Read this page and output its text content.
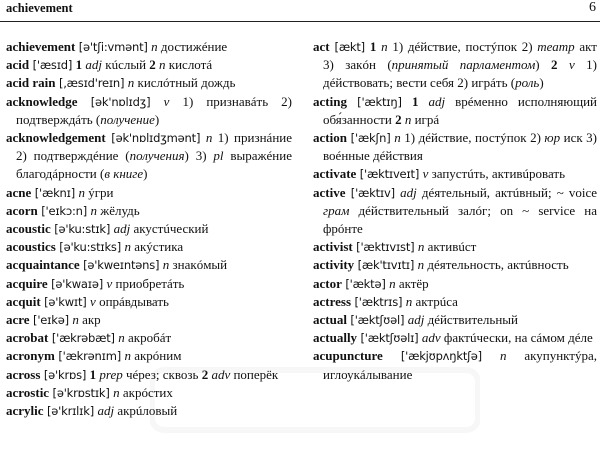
achievement	6

achievement [ə'tʃi:vmənt] n достижéние

acid ['æsɪd] 1 adj кúслый 2 n кислотá

acid rain [,æsɪd'reɪn] n кислóтный дождь

acknowledge [ək'nɒlɪdʒ] v 1) признавáть 2) подтверждáть (получение)

acknowledgement [ək'nɒlɪdʒmənt] n 1) признáние 2) подтверждéние (получения) 3) pl выражéние благодáрности (в книге)

acne ['æknɪ] n ýгри

acorn ['eɪkɔ:n] n жёлудь

acoustic [ə'ku:stɪk] adj акустúческий

acoustics [ə'ku:stɪks] n акýстика

acquaintance [ə'kweɪntəns] n знакóмый

acquire [ə'kwaɪə] v приобретáть

acquit [ə'kwɪt] v опрáвдывать

acre ['eɪkə] n акр

acrobat ['ækrəbæt] n акробáт

acronym ['ækrənɪm] n акрóним

across [ə'krɒs] 1 prep чéрез; сквозь 2 adv поперёк

acrostic [ə'krɒstɪk] n акрóстих

acrylic [ə'krɪlɪk] adj акрúловый

act [ækt] 1 n 1) дéйствие, постýпок 2) театр акт 3) закóн (принятый парламентом) 2 v 1) дéйствовать; вести себя 2) игрáть (роль)

acting ['æktɪŋ] 1 adj врéменно исполняющий обя́занности 2 n игрá

action ['ækʃn] n 1) дéйствие, постýпок 2) юр иск 3) воéнные дéйствия

activate ['æktɪveɪt] v запустúть, активúровать

active ['æktɪv] adj дéятельный, актúвный; ~ voice грам дéйствительный залóг; on ~ service на фрóнте

activist ['æktɪvɪst] n активúст

activity [æk'tɪvɪtɪ] n дéятельность, актúвность

actor ['æktə] n актёр

actress ['æktrɪs] n актрúса

actual ['æktʃʊəl] adj дéйствительный

actually ['æktʃʊəlɪ] adv фактúчески, на сáмом дéле

acupuncture ['ækjʊpʌŋktʃə] n акупунктýра, иглоукáлывание
